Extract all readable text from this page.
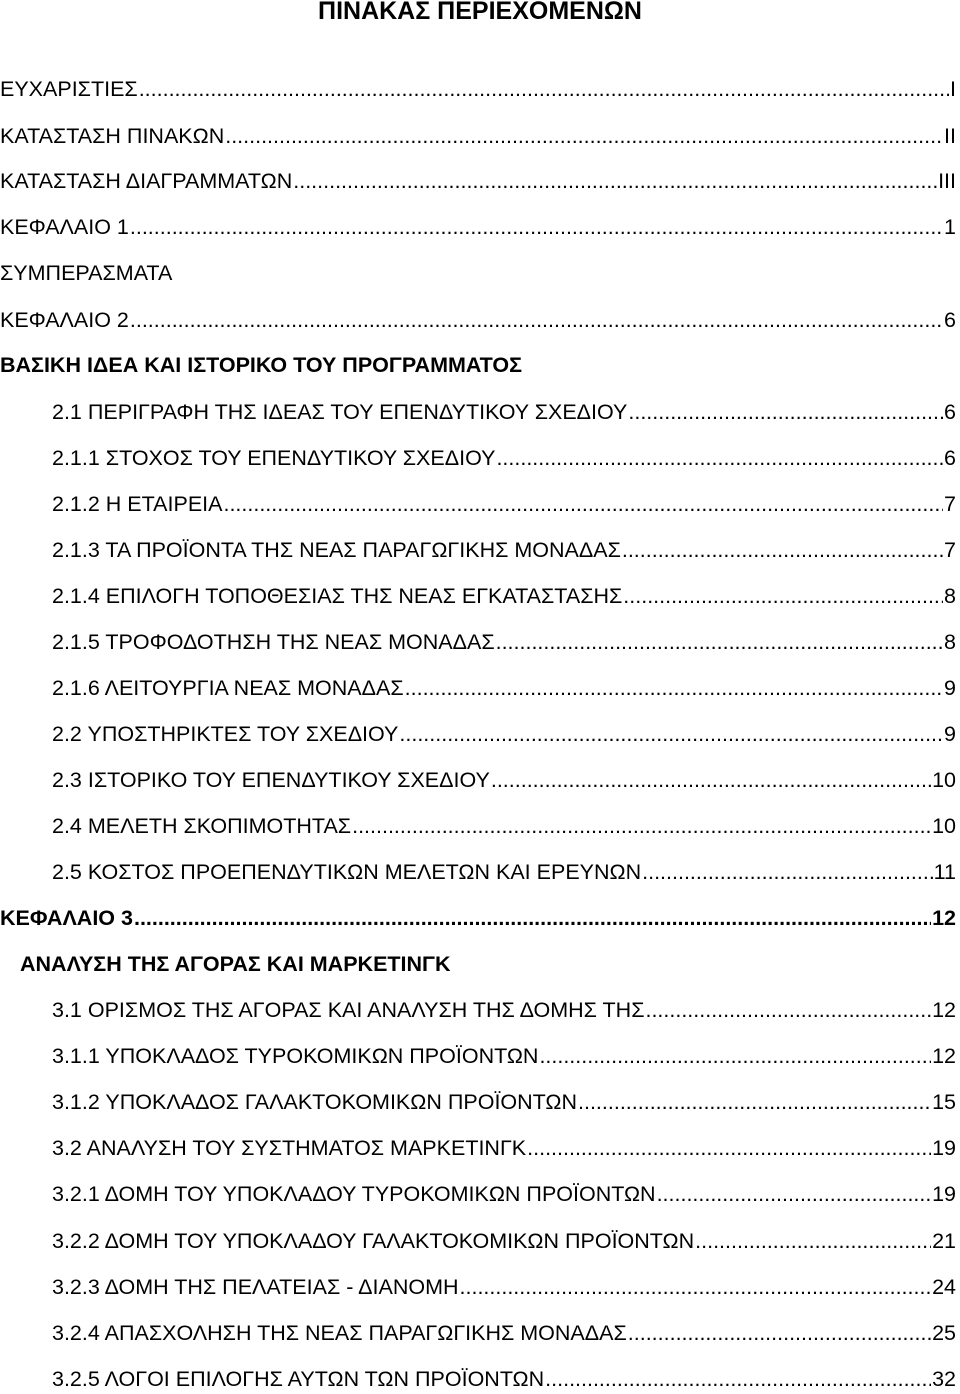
ΠΙΝΑΚΑΣ ΠΕΡΙΕΧΟΜΕΝΩΝ
ΕΥΧΑΡΙΣΤΙΕΣ .....	I
ΚΑΤΑΣΤΑΣΗ ΠΙΝΑΚΩΝ .....	II
ΚΑΤΑΣΤΑΣΗ ΔΙΑΓΡΑΜΜΑΤΩΝ .....	III
ΚΕΦΑΛΑΙΟ 1 .....	1
ΣΥΜΠΕΡΑΣΜΑΤΑ
ΚΕΦΑΛΑΙΟ 2 .....	6
ΒΑΣΙΚΗ ΙΔΕΑ ΚΑΙ ΙΣΤΟΡΙΚΟ ΤΟΥ ΠΡΟΓΡΑΜΜΑΤΟΣ
2.1 ΠΕΡΙΓΡΑΦΗ ΤΗΣ ΙΔΕΑΣ ΤΟΥ ΕΠΕΝΔΥΤΙΚΟΥ ΣΧΕΔΙΟΥ .....	6
2.1.1 ΣΤΟΧΟΣ ΤΟΥ ΕΠΕΝΔΥΤΙΚΟΥ ΣΧΕΔΙΟΥ .....	6
2.1.2 Η ΕΤΑΙΡΕΙΑ .....	7
2.1.3 ΤΑ ΠΡΟΪΟΝΤΑ ΤΗΣ ΝΕΑΣ ΠΑΡΑΓΩΓΙΚΗΣ ΜΟΝΑΔΑΣ .....	7
2.1.4 ΕΠΙΛΟΓΗ ΤΟΠΟΘΕΣΙΑΣ ΤΗΣ ΝΕΑΣ ΕΓΚΑΤΑΣΤΑΣΗΣ .....	8
2.1.5 ΤΡΟΦΟΔΟΤΗΣΗ ΤΗΣ ΝΕΑΣ ΜΟΝΑΔΑΣ .....	8
2.1.6 ΛΕΙΤΟΥΡΓΙΑ ΝΕΑΣ ΜΟΝΑΔΑΣ .....	9
2.2 ΥΠΟΣΤΗΡΙΚΤΕΣ ΤΟΥ ΣΧΕΔΙΟΥ .....	9
2.3 ΙΣΤΟΡΙΚΟ ΤΟΥ ΕΠΕΝΔΥΤΙΚΟΥ ΣΧΕΔΙΟΥ .....	10
2.4 ΜΕΛΕΤΗ ΣΚΟΠΙΜΟΤΗΤΑΣ .....	10
2.5 ΚΟΣΤΟΣ ΠΡΟΕΠΕΝΔΥΤΙΚΩΝ ΜΕΛΕΤΩΝ ΚΑΙ ΕΡΕΥΝΩΝ .....	11
ΚΕΦΑΛΑΙΟ 3 .....	12
ΑΝΑΛΥΣΗ ΤΗΣ ΑΓΟΡΑΣ ΚΑΙ ΜΑΡΚΕΤΙΝΓΚ
3.1 ΟΡΙΣΜΟΣ ΤΗΣ ΑΓΟΡΑΣ ΚΑΙ ΑΝΑΛΥΣΗ ΤΗΣ ΔΟΜΗΣ ΤΗΣ .....	12
3.1.1 ΥΠΟΚΛΑΔΟΣ ΤΥΡΟΚΟΜΙΚΩΝ ΠΡΟΪΟΝΤΩΝ .....	12
3.1.2 ΥΠΟΚΛΑΔΟΣ ΓΑΛΑΚΤΟΚΟΜΙΚΩΝ ΠΡΟΪΟΝΤΩΝ .....	15
3.2 ΑΝΑΛΥΣΗ ΤΟΥ ΣΥΣΤΗΜΑΤΟΣ ΜΑΡΚΕΤΙΝΓΚ .....	19
3.2.1 ΔΟΜΗ ΤΟΥ ΥΠΟΚΛΑΔΟΥ ΤΥΡΟΚΟΜΙΚΩΝ ΠΡΟΪΟΝΤΩΝ .....	19
3.2.2 ΔΟΜΗ ΤΟΥ ΥΠΟΚΛΑΔΟΥ ΓΑΛΑΚΤΟΚΟΜΙΚΩΝ ΠΡΟΪΟΝΤΩΝ .....	21
3.2.3 ΔΟΜΗ ΤΗΣ ΠΕΛΑΤΕΙΑΣ - ΔΙΑΝΟΜΗ .....	24
3.2.4 ΑΠΑΣΧΟΛΗΣΗ ΤΗΣ ΝΕΑΣ ΠΑΡΑΓΩΓΙΚΗΣ ΜΟΝΑΔΑΣ .....	25
3.2.5 ΛΟΓΟΙ ΕΠΙΛΟΓΗΣ ΑΥΤΩΝ ΤΩΝ ΠΡΟΪΟΝΤΩΝ .....	32
